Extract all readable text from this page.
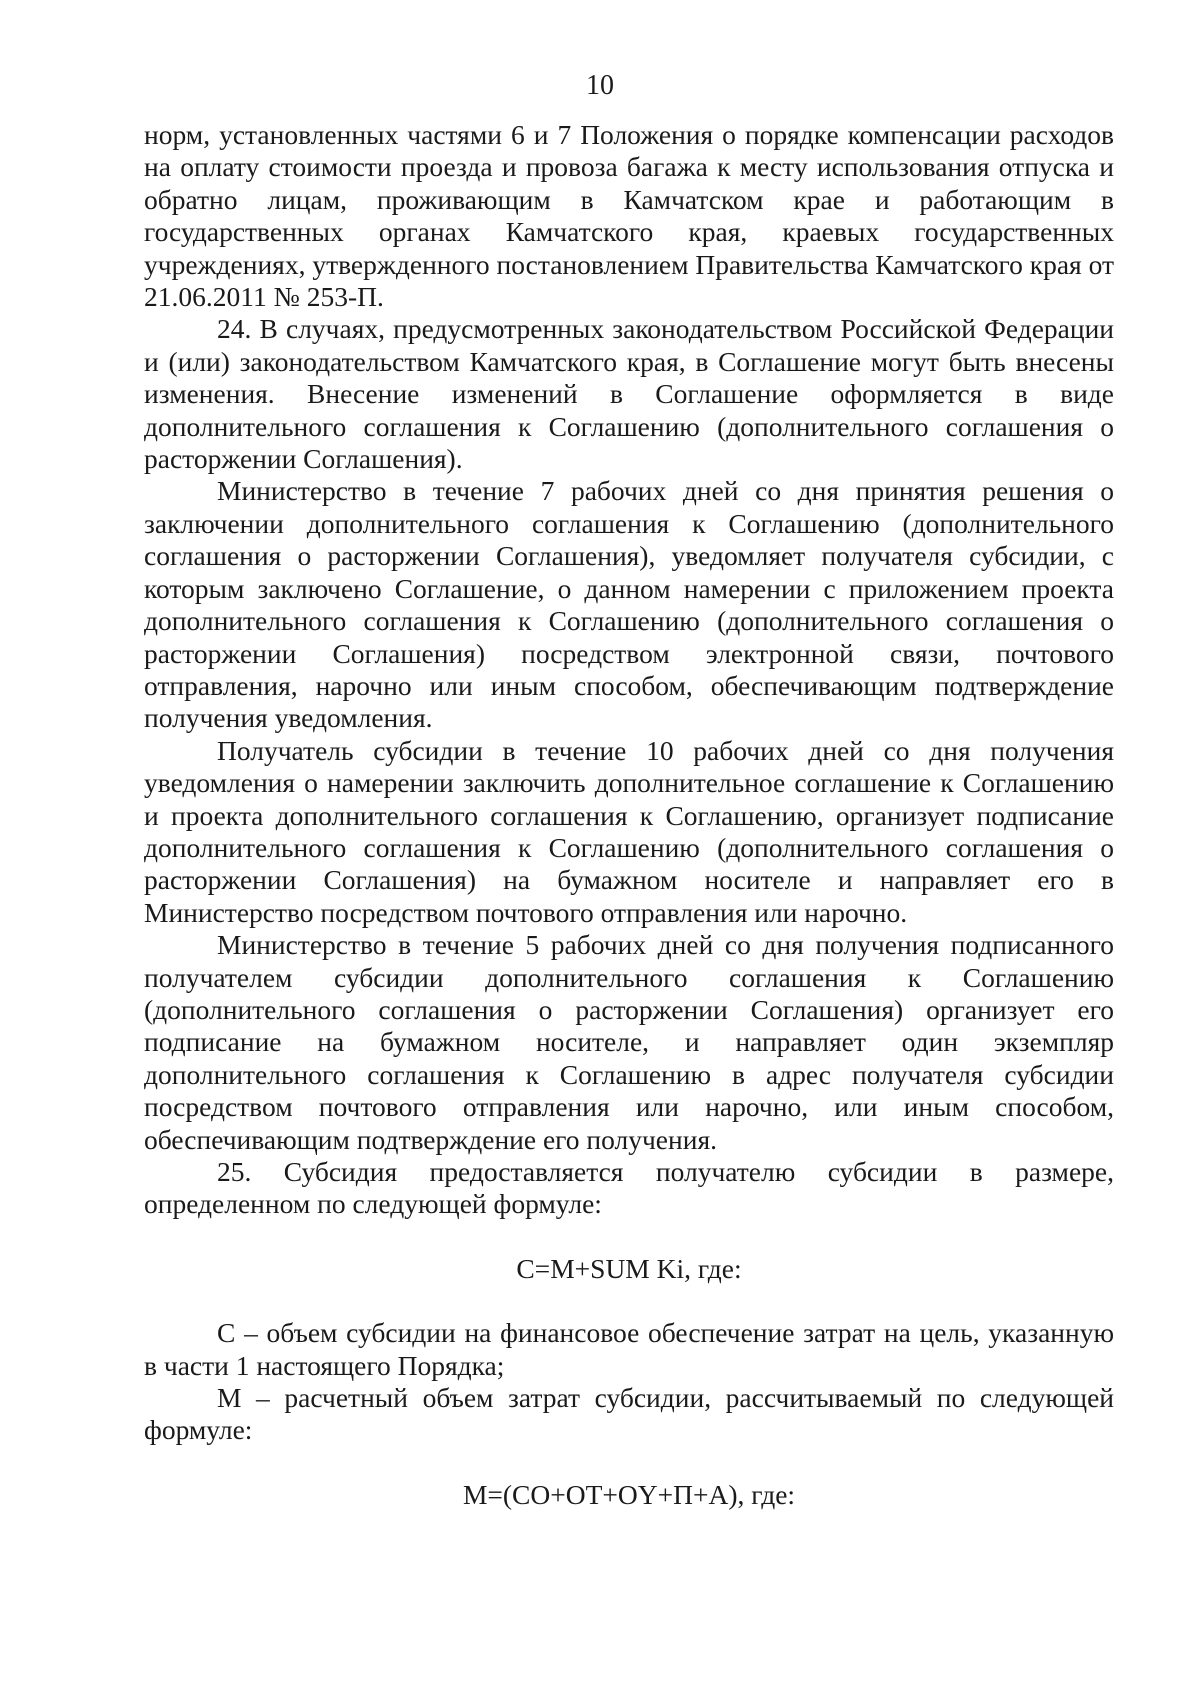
10

норм, установленных частями 6 и 7 Положения о порядке компенсации расходов на оплату стоимости проезда и провоза багажа к месту использования отпуска и обратно лицам, проживающим в Камчатском крае и работающим в государственных органах Камчатского края, краевых государственных учреждениях, утвержденного постановлением Правительства Камчатского края от 21.06.2011 № 253-П.

24. В случаях, предусмотренных законодательством Российской Федерации и (или) законодательством Камчатского края, в Соглашение могут быть внесены изменения. Внесение изменений в Соглашение оформляется в виде дополнительного соглашения к Соглашению (дополнительного соглашения о расторжении Соглашения).

Министерство в течение 7 рабочих дней со дня принятия решения о заключении дополнительного соглашения к Соглашению (дополнительного соглашения о расторжении Соглашения), уведомляет получателя субсидии, с которым заключено Соглашение, о данном намерении с приложением проекта дополнительного соглашения к Соглашению (дополнительного соглашения о расторжении Соглашения) посредством электронной связи, почтового отправления, нарочно или иным способом, обеспечивающим подтверждение получения уведомления.

Получатель субсидии в течение 10 рабочих дней со дня получения уведомления о намерении заключить дополнительное соглашение к Соглашению и проекта дополнительного соглашения к Соглашению, организует подписание дополнительного соглашения к Соглашению (дополнительного соглашения о расторжении Соглашения) на бумажном носителе и направляет его в Министерство посредством почтового отправления или нарочно.

Министерство в течение 5 рабочих дней со дня получения подписанного получателем субсидии дополнительного соглашения к Соглашению (дополнительного соглашения о расторжении Соглашения) организует его подписание на бумажном носителе, и направляет один экземпляр дополнительного соглашения к Соглашению в адрес получателя субсидии посредством почтового отправления или нарочно, или иным способом, обеспечивающим подтверждение его получения.

25. Субсидия предоставляется получателю субсидии в размере, определенном по следующей формуле:

C=M+SUM Ki, где:

С – объем субсидии на финансовое обеспечение затрат на цель, указанную в части 1 настоящего Порядка;

М – расчетный объем затрат субсидии, рассчитываемый по следующей формуле:

M=(CO+OT+OY+П+A), где:
